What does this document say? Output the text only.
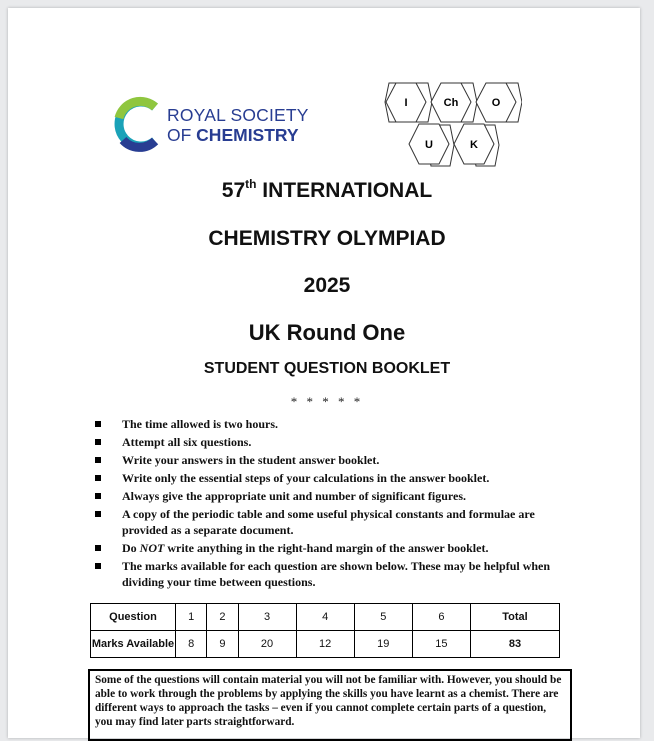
ROYAL SOCIETY
OF CHEMISTRY
I	Ch	O
U	K
57th INTERNATIONAL
CHEMISTRY OLYMPIAD
2025
UK Round One
STUDENT QUESTION BOOKLET
* * * * *
The time allowed is two hours.
Attempt all six questions.
Write your answers in the student answer booklet.
Write only the essential steps of your calculations in the answer booklet.
Always give the appropriate unit and number of significant figures.
A copy of the periodic table and some useful physical constants and formulae are provided as a separate document.
Do NOT write anything in the right-hand margin of the answer booklet.
The marks available for each question are shown below. These may be helpful when dividing your time between questions.
Question	1	2	3	4	5	6	Total
Marks Available	8	9	20	12	19	15	83
Some of the questions will contain material you will not be familiar with. However, you should be able to work through the problems by applying the skills you have learnt as a chemist. There are different ways to approach the tasks – even if you cannot complete certain parts of a question, you may find later parts straightforward.
